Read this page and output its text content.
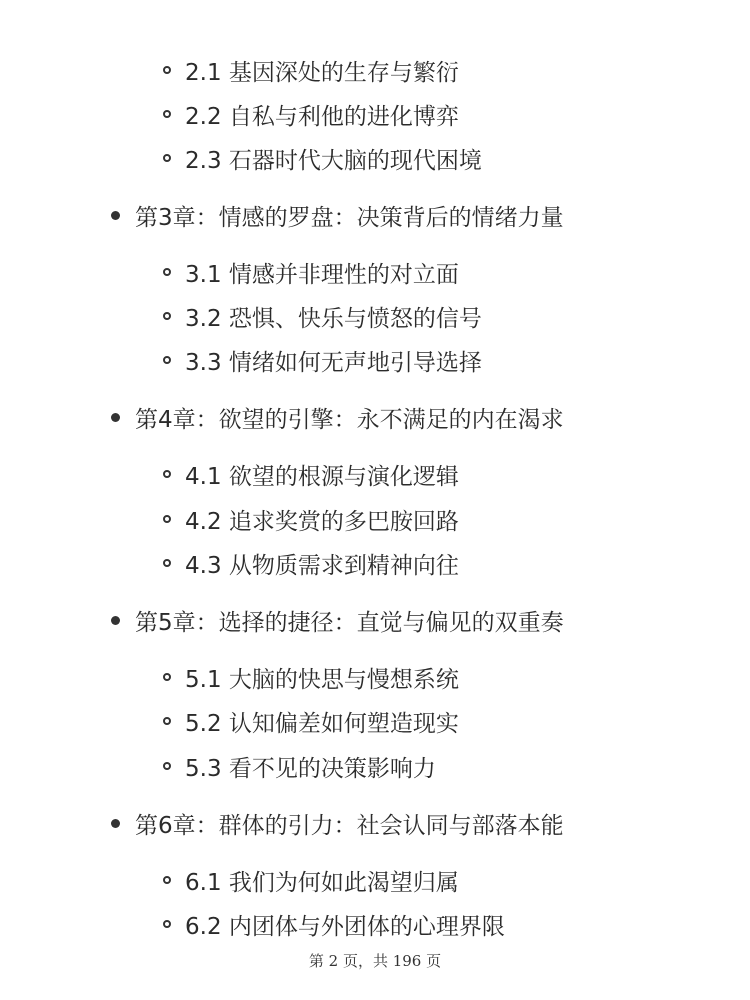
2.1 基因深处的生存与繁衍
2.2 自私与利他的进化博弈
2.3 石器时代大脑的现代困境
第3章：情感的罗盘：决策背后的情绪力量
3.1 情感并非理性的对立面
3.2 恐惧、快乐与愤怒的信号
3.3 情绪如何无声地引导选择
第4章：欲望的引擎：永不满足的内在渴求
4.1 欲望的根源与演化逻辑
4.2 追求奖赏的多巴胺回路
4.3 从物质需求到精神向往
第5章：选择的捷径：直觉与偏见的双重奏
5.1 大脑的快思与慢想系统
5.2 认知偏差如何塑造现实
5.3 看不见的决策影响力
第6章：群体的引力：社会认同与部落本能
6.1 我们为何如此渴望归属
6.2 内团体与外团体的心理界限
第 2 页，共 196 页
